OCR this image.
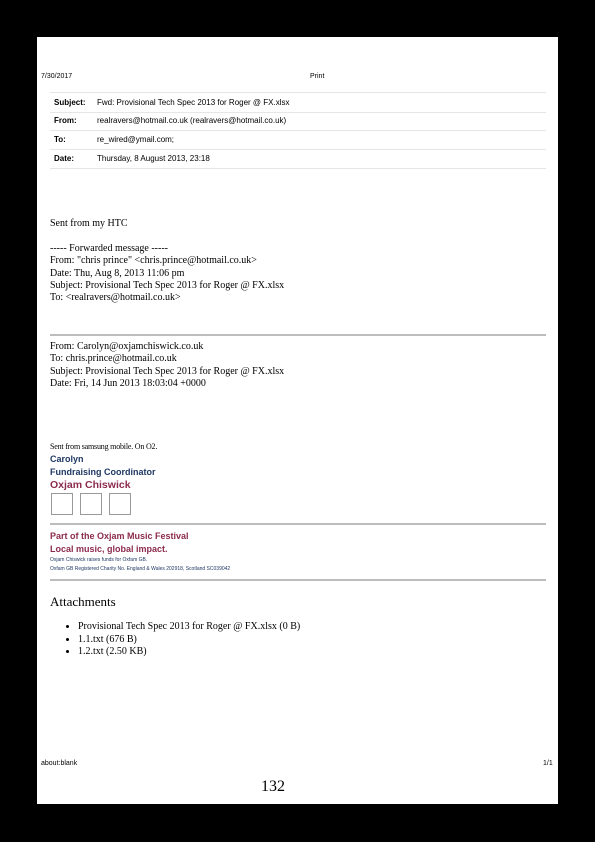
7/30/2017	Print
Subject: Fwd: Provisional Tech Spec 2013 for Roger @ FX.xlsx
From:	realravers@hotmail.co.uk (realravers@hotmail.co.uk)
To:	re_wired@ymail.com;
Date:	Thursday, 8 August 2013, 23:18
Sent from my HTC
----- Forwarded message -----
From: "chris prince" <chris.prince@hotmail.co.uk>
Date: Thu, Aug 8, 2013 11:06 pm
Subject: Provisional Tech Spec 2013 for Roger @ FX.xlsx
To: <realravers@hotmail.co.uk>
From: Carolyn@oxjamchiswick.co.uk
To: chris.prince@hotmail.co.uk
Subject: Provisional Tech Spec 2013 for Roger @ FX.xlsx
Date: Fri, 14 Jun 2013 18:03:04 +0000
Sent from samsung mobile. On O2.
Carolyn
Fundraising Coordinator
Oxjam Chiswick
Part of the Oxjam Music Festival
Local music, global impact.
Oxjam Chiswick raises funds for Oxfam GB.
Oxfam GB Registered Charity No. England & Wales 202918, Scotland SC039042
Attachments
• Provisional Tech Spec 2013 for Roger @ FX.xlsx (0 B)
• 1.1.txt (676 B)
• 1.2.txt (2.50 KB)
about:blank	1/1
132
